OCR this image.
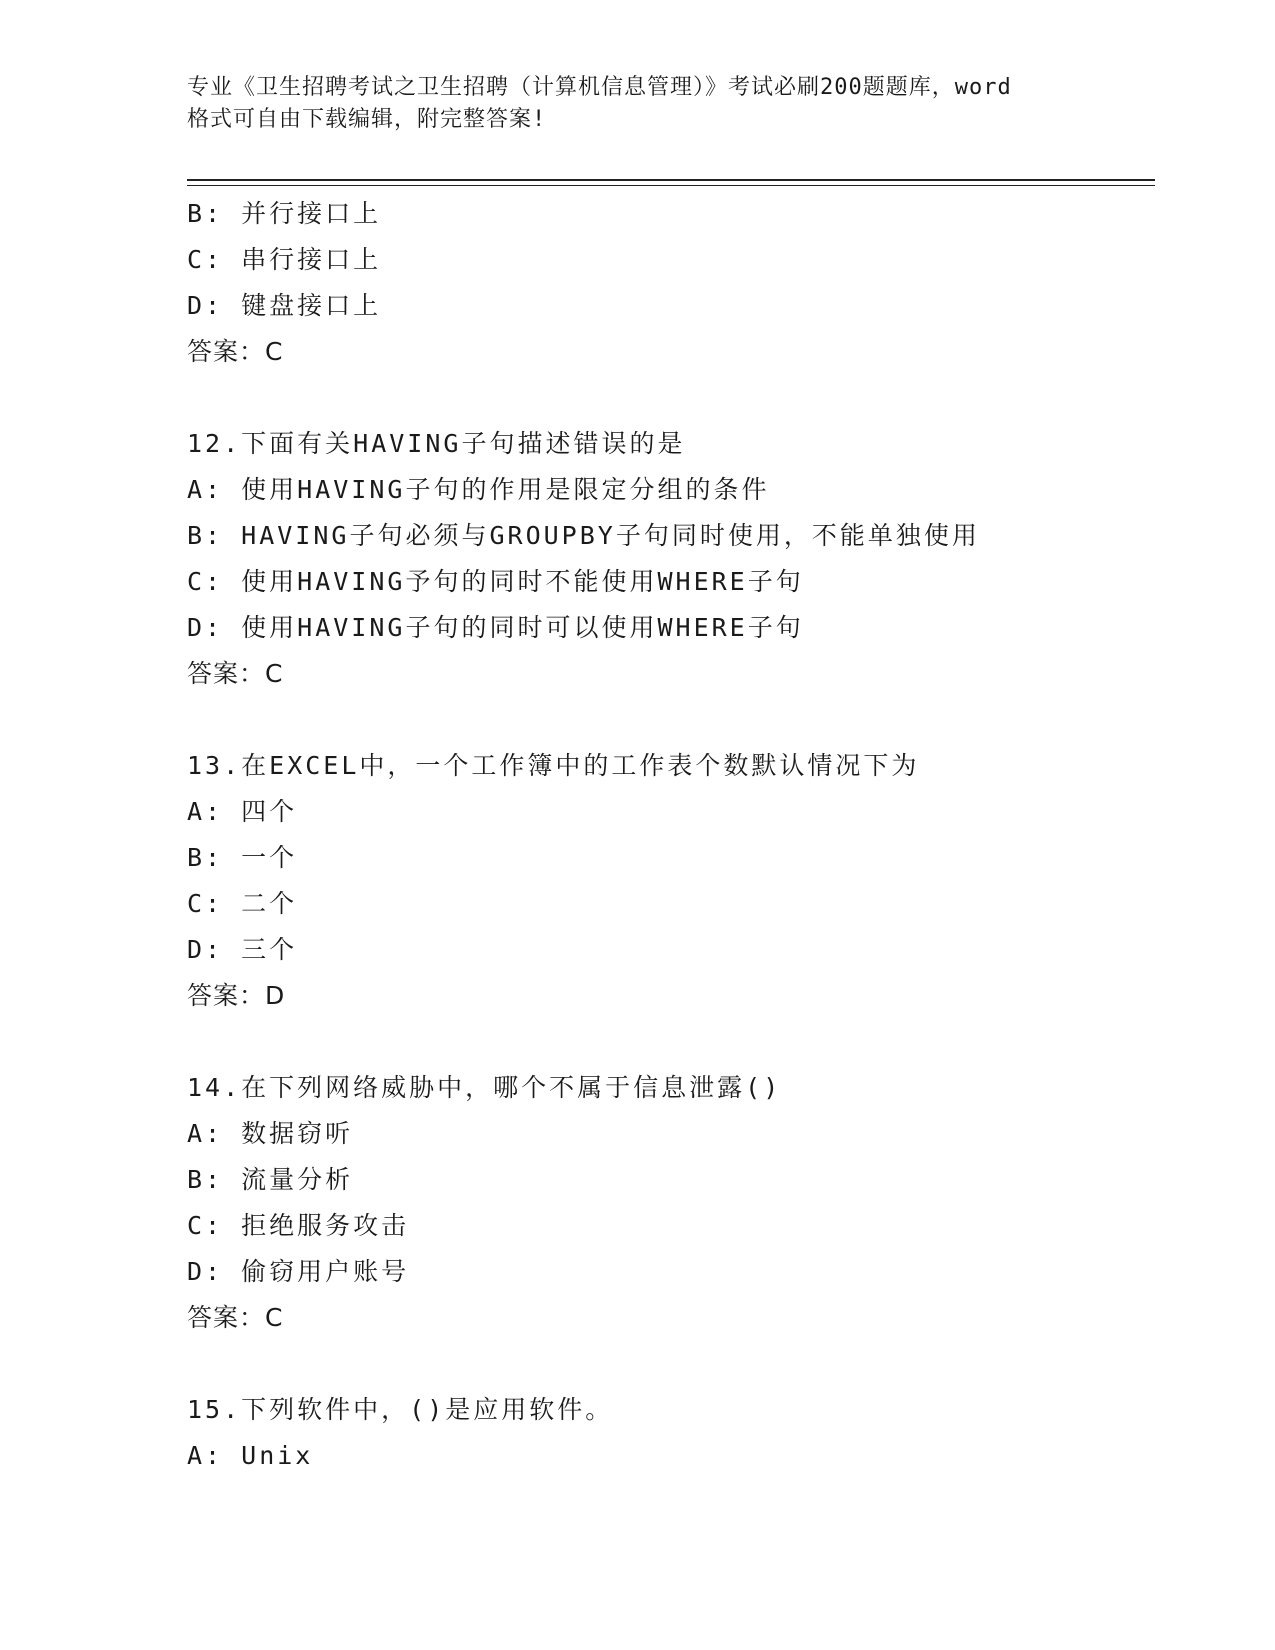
专业《卫生招聘考试之卫生招聘（计算机信息管理）》考试必刷200题题库，word
格式可自由下载编辑，附完整答案!
B: 并行接口上
C: 串行接口上
D: 键盘接口上
答案：C
12.下面有关HAVING子句描述错误的是
A: 使用HAVING子句的作用是限定分组的条件
B: HAVING子句必须与GROUPBY子句同时使用，不能单独使用
C: 使用HAVING予句的同时不能使用WHERE子句
D: 使用HAVING子句的同时可以使用WHERE子句
答案：C
13.在EXCEL中，一个工作簿中的工作表个数默认情况下为
A: 四个
B: 一个
C: 二个
D: 三个
答案：D
14.在下列网络威胁中，哪个不属于信息泄露()
A: 数据窃听
B: 流量分析
C: 拒绝服务攻击
D: 偷窃用户账号
答案：C
15.下列软件中，()是应用软件。
A: Unix
